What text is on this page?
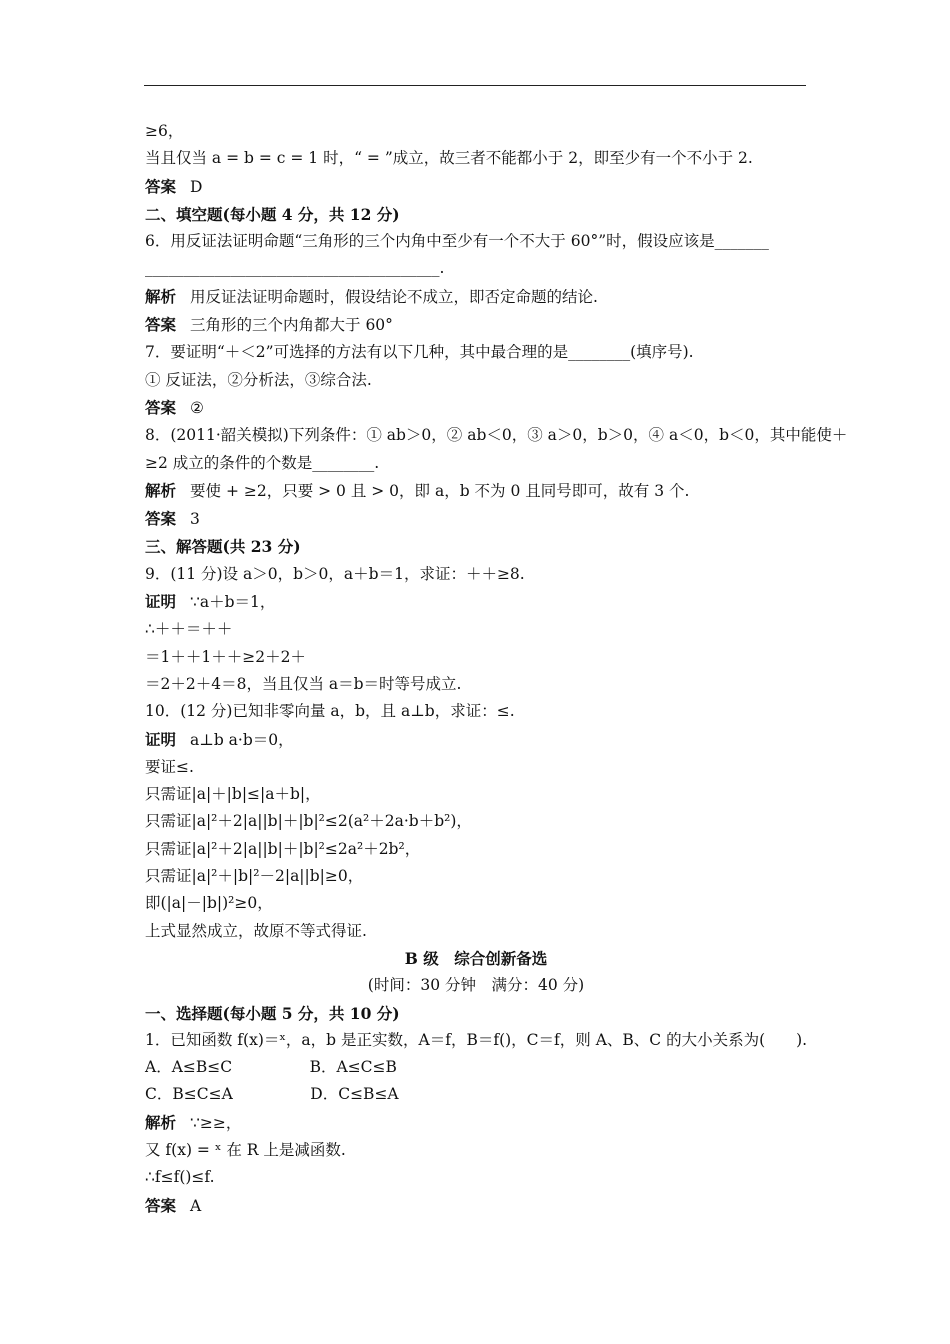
≥6，

当且仅当 a = b = c = 1 时，“ = ”成立，故三者不能都小于 2，即至少有一个不小于 2.

答案 D

二、填空题(每小题 4 分，共 12 分)

6．用反证法证明命题“三角形的三个内角中至少有一个不大于 60°”时，假设应该是_______

______________________________________.

解析 用反证法证明命题时，假设结论不成立，即否定命题的结论.

答案 三角形的三个内角都大于 60°

7．要证明“＋＜2”可选择的方法有以下几种，其中最合理的是________(填序号).

① 反证法，②分析法，③综合法.

答案 ②

8．(2011·韶关模拟)下列条件：① ab＞0，② ab＜0，③ a＞0，b＞0，④ a＜0，b＜0，其中能使＋

≥2 成立的条件的个数是________.

解析 要使 + ≥2，只要 > 0 且 > 0，即 a，b 不为 0 且同号即可，故有 3 个.

答案 3

三、解答题(共 23 分)

9．(11 分)设 a＞0，b＞0，a＋b＝1，求证：＋＋≥8.

证明 ∵a＋b＝1，

∴＋＋＝＋＋

＝1＋＋1＋＋≥2＋2＋

＝2＋2＋4＝8，当且仅当 a＝b＝时等号成立.

10．(12 分)已知非零向量 a，b，且 a⊥b，求证：≤.

证明 a⊥b a·b＝0，

要证≤.

只需证|a|＋|b|≤|a＋b|，

只需证|a|²＋2|a||b|＋|b|²≤2(a²＋2a·b＋b²)，

只需证|a|²＋2|a||b|＋|b|²≤2a²＋2b²，

只需证|a|²＋|b|²－2|a||b|≥0，

即(|a|－|b|)²≥0，

上式显然成立，故原不等式得证.

B 级　综合创新备选

(时间：30 分钟　满分：40 分)

一、选择题(每小题 5 分，共 10 分)

1．已知函数 f(x)＝ˣ，a，b 是正实数，A＝f，B＝f()，C＝f，则 A、B、C 的大小关系为(　　).

A．A≤B≤C　　　　　B．A≤C≤B

C．B≤C≤A　　　　　D．C≤B≤A

解析 ∵≥≥，

又 f(x) = ˣ 在 R 上是减函数.

∴f≤f()≤f.

答案 A
